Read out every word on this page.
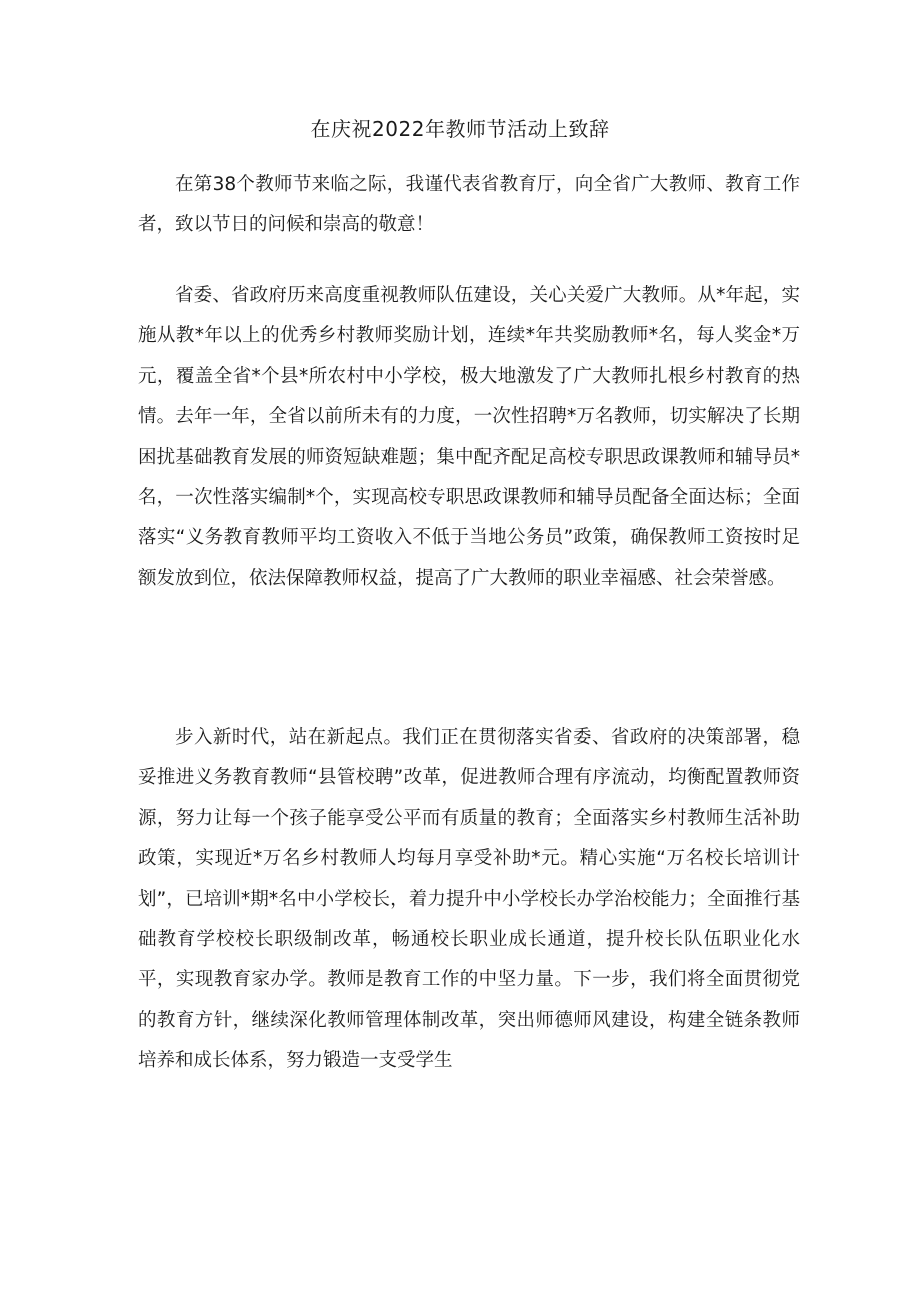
在庆祝2022年教师节活动上致辞

在第38个教师节来临之际，我谨代表省教育厅，向全省广大教师、教育工作者，致以节日的问候和崇高的敬意！

省委、省政府历来高度重视教师队伍建设，关心关爱广大教师。从*年起，实施从教*年以上的优秀乡村教师奖励计划，连续*年共奖励教师*名，每人奖金*万元，覆盖全省*个县*所农村中小学校，极大地激发了广大教师扎根乡村教育的热情。去年一年，全省以前所未有的力度，一次性招聘*万名教师，切实解决了长期困扰基础教育发展的师资短缺难题；集中配齐配足高校专职思政课教师和辅导员*名，一次性落实编制*个，实现高校专职思政课教师和辅导员配备全面达标；全面落实“义务教育教师平均工资收入不低于当地公务员”政策，确保教师工资按时足额发放到位，依法保障教师权益，提高了广大教师的职业幸福感、社会荣誉感。

步入新时代，站在新起点。我们正在贯彻落实省委、省政府的决策部署，稳妥推进义务教育教师“县管校聘”改革，促进教师合理有序流动，均衡配置教师资源，努力让每一个孩子能享受公平而有质量的教育；全面落实乡村教师生活补助政策，实现近*万名乡村教师人均每月享受补助*元。精心实施“万名校长培训计划”，已培训*期*名中小学校长，着力提升中小学校长办学治校能力；全面推行基础教育学校校长职级制改革，畅通校长职业成长通道，提升校长队伍职业化水平，实现教育家办学。教师是教育工作的中坚力量。下一步，我们将全面贯彻党的教育方针，继续深化教师管理体制改革，突出师德师风建设，构建全链条教师培养和成长体系，努力锻造一支受学生
